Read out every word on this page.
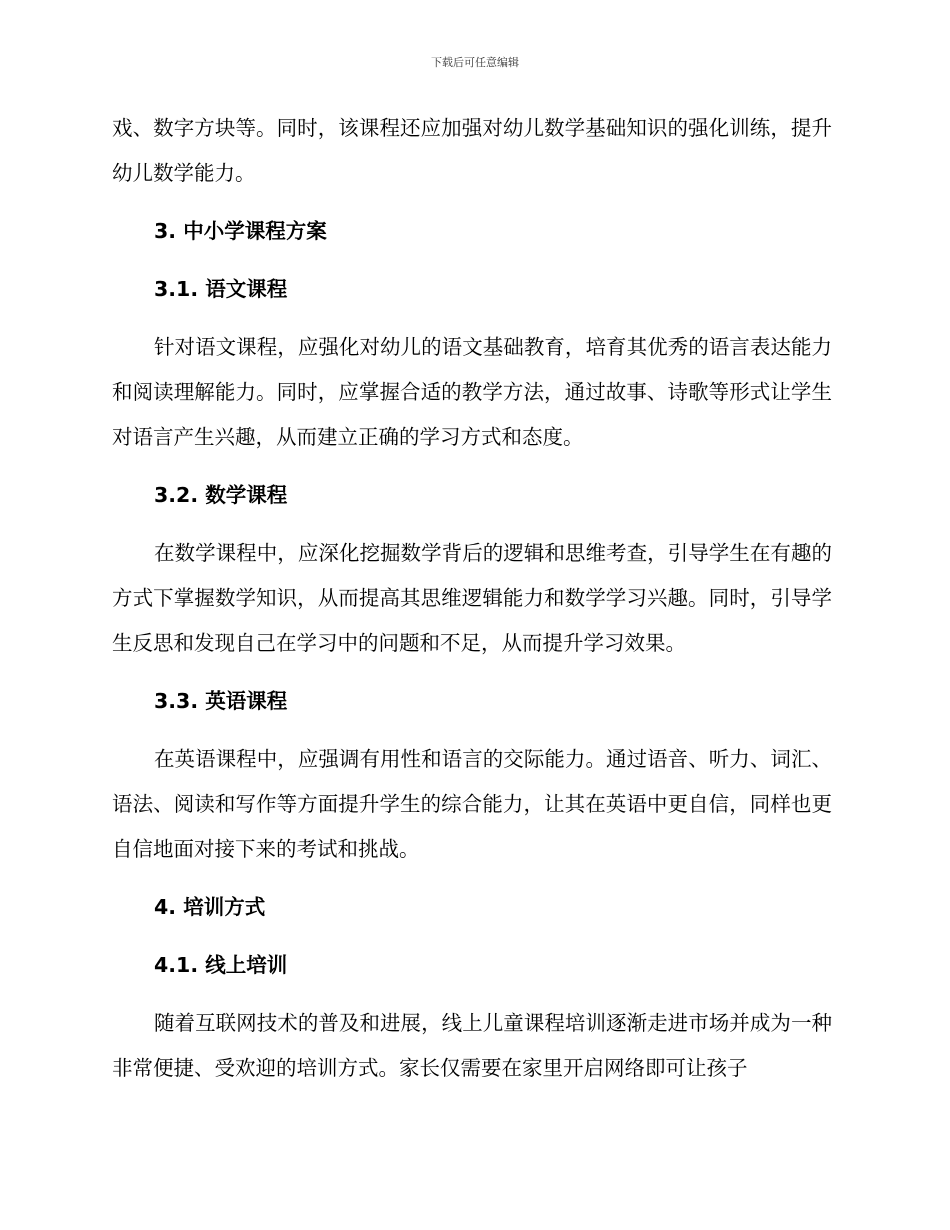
下载后可任意编辑

戏、数字方块等。同时，该课程还应加强对幼儿数学基础知识的强化训练，提升幼儿数学能力。

3. 中小学课程方案
3.1. 语文课程

针对语文课程，应强化对幼儿的语文基础教育，培育其优秀的语言表达能力和阅读理解能力。同时，应掌握合适的教学方法，通过故事、诗歌等形式让学生对语言产生兴趣，从而建立正确的学习方式和态度。

3.2. 数学课程

在数学课程中，应深化挖掘数学背后的逻辑和思维考查，引导学生在有趣的方式下掌握数学知识，从而提高其思维逻辑能力和数学学习兴趣。同时，引导学生反思和发现自己在学习中的问题和不足，从而提升学习效果。

3.3. 英语课程

在英语课程中，应强调有用性和语言的交际能力。通过语音、听力、词汇、语法、阅读和写作等方面提升学生的综合能力，让其在英语中更自信，同样也更自信地面对接下来的考试和挑战。

4. 培训方式
4.1. 线上培训

随着互联网技术的普及和进展，线上儿童课程培训逐渐走进市场并成为一种非常便捷、受欢迎的培训方式。家长仅需要在家里开启网络即可让孩子
